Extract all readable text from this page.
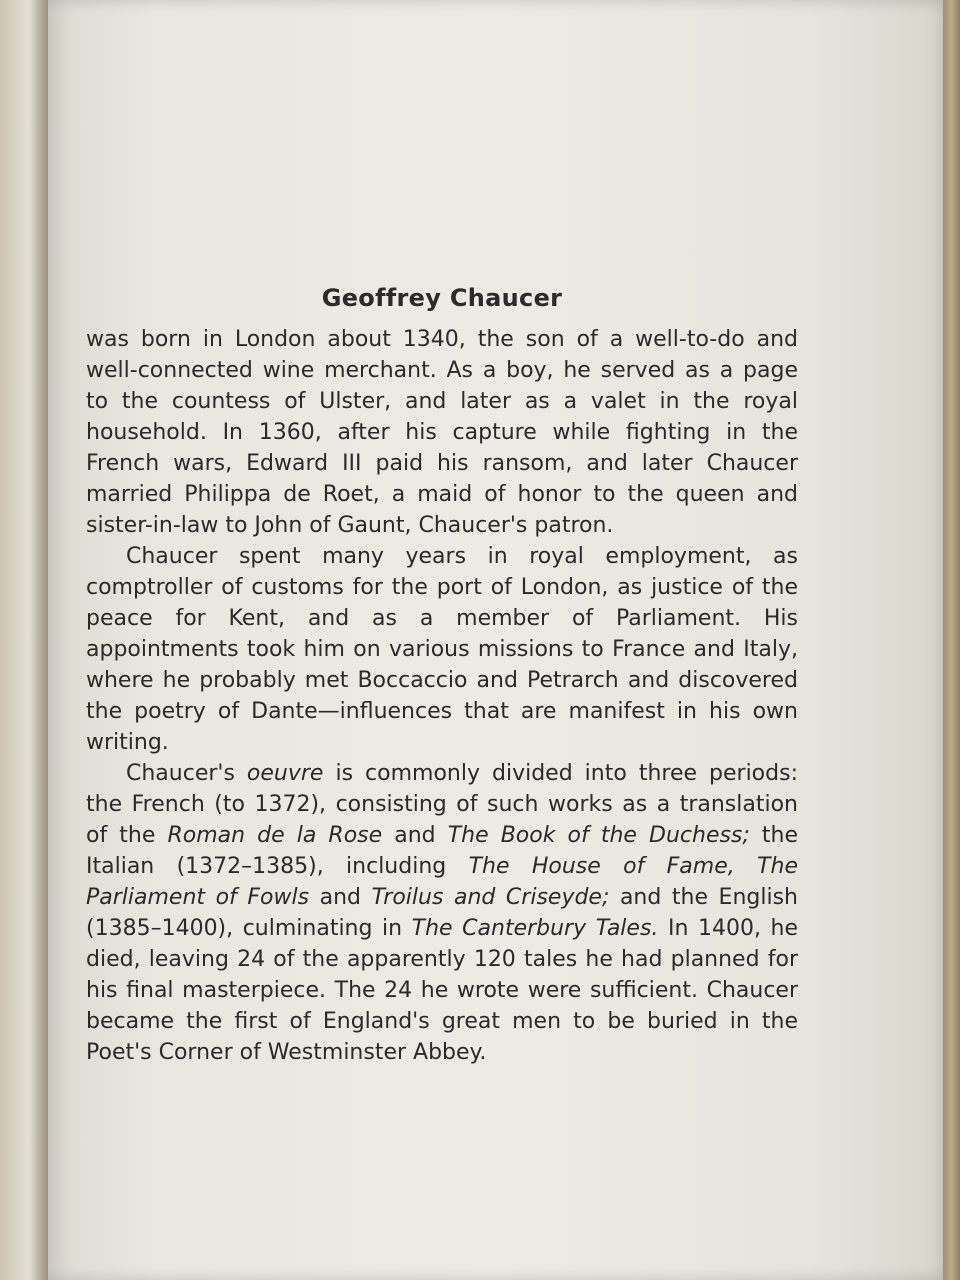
Geoffrey Chaucer

was born in London about 1340, the son of a well-to-do and well-connected wine merchant. As a boy, he served as a page to the countess of Ulster, and later as a valet in the royal household. In 1360, after his capture while fighting in the French wars, Edward III paid his ransom, and later Chaucer married Philippa de Roet, a maid of honor to the queen and sister-in-law to John of Gaunt, Chaucer's patron.

Chaucer spent many years in royal employment, as comptroller of customs for the port of London, as justice of the peace for Kent, and as a member of Parliament. His appointments took him on various missions to France and Italy, where he probably met Boccaccio and Petrarch and discovered the poetry of Dante—influences that are manifest in his own writing.

Chaucer's oeuvre is commonly divided into three periods: the French (to 1372), consisting of such works as a translation of the Roman de la Rose and The Book of the Duchess; the Italian (1372–1385), including The House of Fame, The Parliament of Fowls and Troilus and Criseyde; and the English (1385–1400), culminating in The Canterbury Tales. In 1400, he died, leaving 24 of the apparently 120 tales he had planned for his final masterpiece. The 24 he wrote were sufficient. Chaucer became the first of England's great men to be buried in the Poet's Corner of Westminster Abbey.
